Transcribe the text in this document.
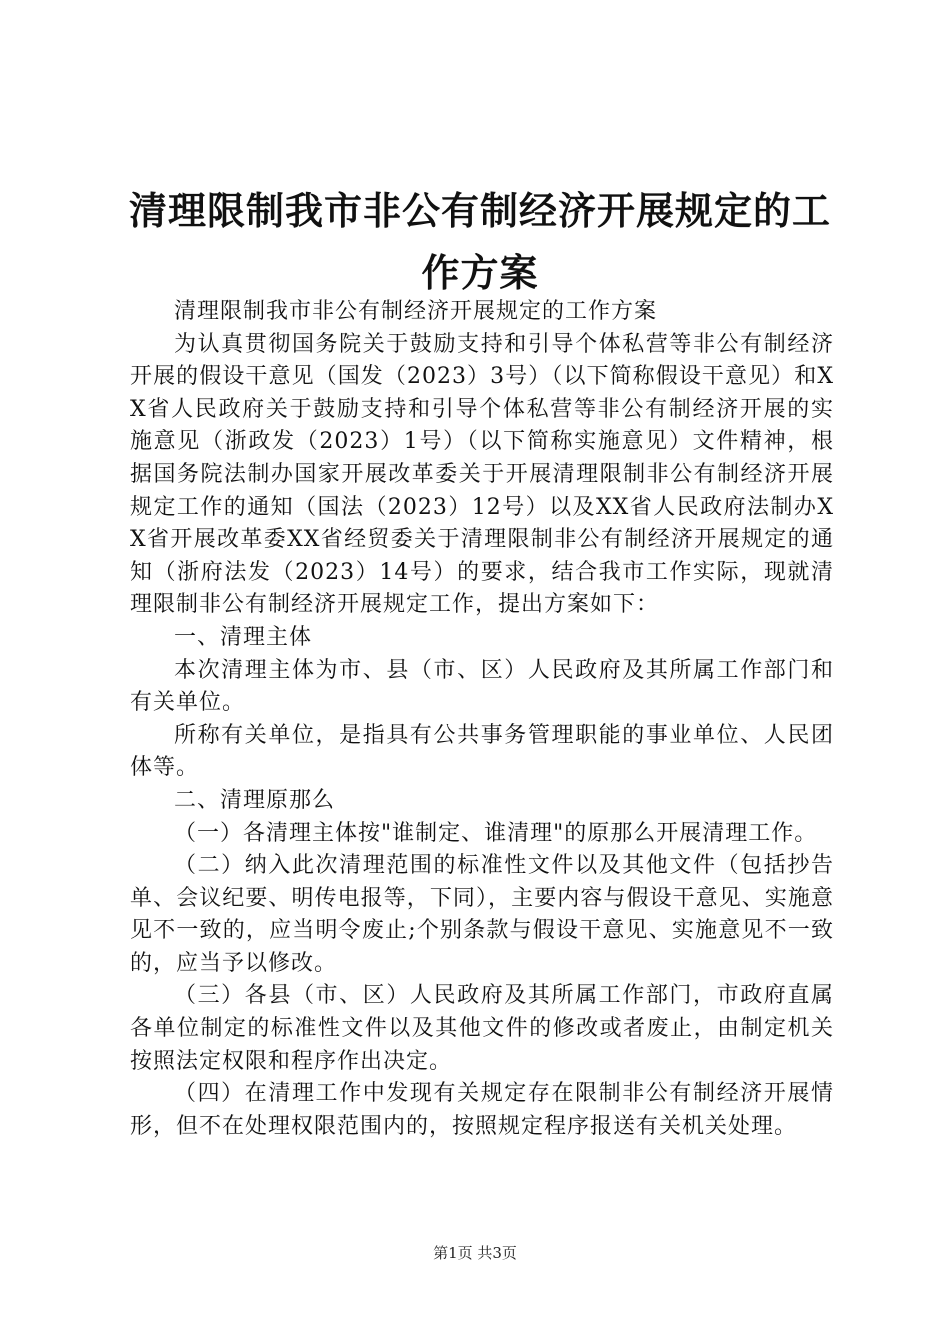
清理限制我市非公有制经济开展规定的工作方案

清理限制我市非公有制经济开展规定的工作方案

为认真贯彻国务院关于鼓励支持和引导个体私营等非公有制经济开展的假设干意见（国发（2023）3号）（以下简称假设干意见）和XX省人民政府关于鼓励支持和引导个体私营等非公有制经济开展的实施意见（浙政发（2023）1号）（以下简称实施意见）文件精神，根据国务院法制办国家开展改革委关于开展清理限制非公有制经济开展规定工作的通知（国法（2023）12号）以及XX省人民政府法制办XX省开展改革委XX省经贸委关于清理限制非公有制经济开展规定的通知（浙府法发（2023）14号）的要求，结合我市工作实际，现就清理限制非公有制经济开展规定工作，提出方案如下：

一、清理主体

本次清理主体为市、县（市、区）人民政府及其所属工作部门和有关单位。

所称有关单位，是指具有公共事务管理职能的事业单位、人民团体等。

二、清理原那么

（一）各清理主体按"谁制定、谁清理"的原那么开展清理工作。

（二）纳入此次清理范围的标准性文件以及其他文件（包括抄告单、会议纪要、明传电报等，下同），主要内容与假设干意见、实施意见不一致的，应当明令废止;个别条款与假设干意见、实施意见不一致的，应当予以修改。

（三）各县（市、区）人民政府及其所属工作部门，市政府直属各单位制定的标准性文件以及其他文件的修改或者废止，由制定机关按照法定权限和程序作出决定。

（四）在清理工作中发现有关规定存在限制非公有制经济开展情形，但不在处理权限范围内的，按照规定程序报送有关机关处理。

第1页 共3页
